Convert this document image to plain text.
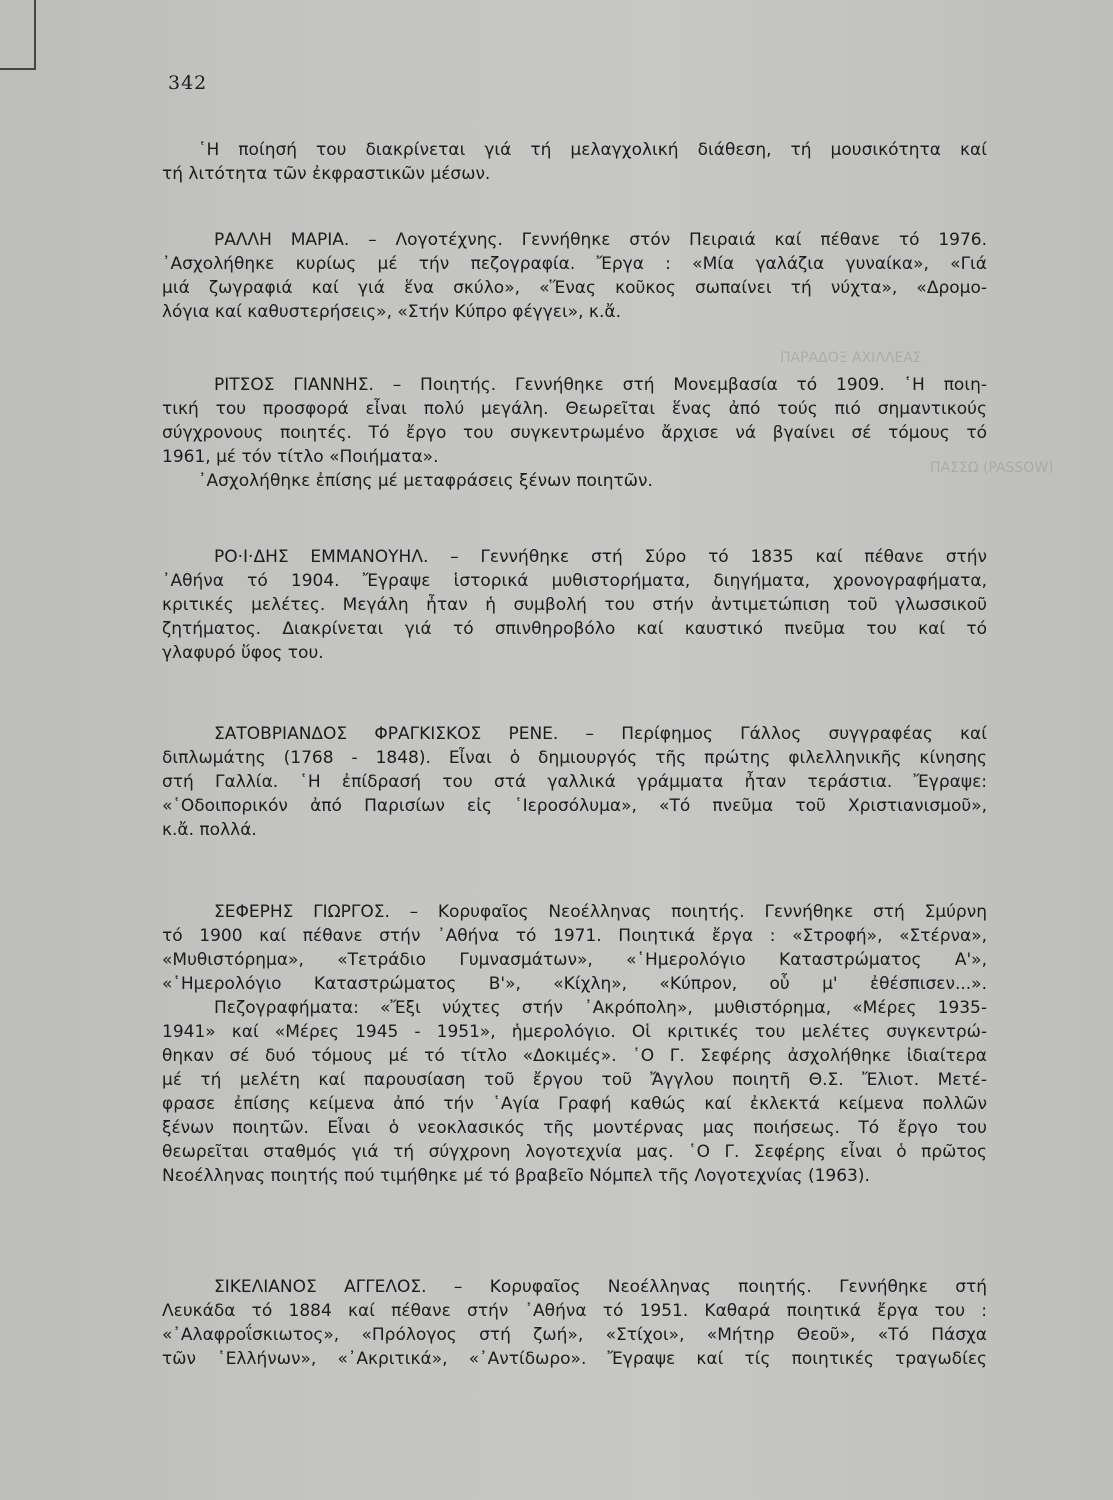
342
ΠΑΡΑΔΟΞ ΑΧΙΛΛΕΑΣ
ΠΑΣΣΩ (PASSOW)
῾Η ποίησή του διακρίνεται γιά τή μελαγχολική διάθεση, τή μουσικότητα καί
τή λιτότητα τῶν ἐκφραστικῶν μέσων.
ΡΑΛΛΗ ΜΑΡΙΑ. – Λογοτέχνης. Γεννήθηκε στόν Πειραιά καί πέθανε τό 1976.
᾿Ασχολήθηκε κυρίως μέ τήν πεζογραφία. Ἔργα : «Μία γαλάζια γυναίκα», «Γιά
μιά ζωγραφιά καί γιά ἕνα σκύλο», «Ἕνας κοῦκος σωπαίνει τή νύχτα», «Δρομο-
λόγια καί καθυστερήσεις», «Στήν Κύπρο φέγγει», κ.ἄ.
ΡΙΤΣΟΣ ΓΙΑΝΝΗΣ. – Ποιητής. Γεννήθηκε στή Μονεμβασία τό 1909. ῾Η ποιη-
τική του προσφορά εἶναι πολύ μεγάλη. Θεωρεῖται ἕνας ἀπό τούς πιό σημαντικούς
σύγχρονους ποιητές. Τό ἔργο του συγκεντρωμένο ἄρχισε νά βγαίνει σέ τόμους τό
1961, μέ τόν τίτλο «Ποιήματα».
᾿Ασχολήθηκε ἐπίσης μέ μεταφράσεις ξένων ποιητῶν.
ΡΟ·Ι·ΔΗΣ ΕΜΜΑΝΟΥΗΛ. – Γεννήθηκε στή Σύρο τό 1835 καί πέθανε στήν
᾿Αθήνα τό 1904. Ἔγραψε ἱστορικά μυθιστορήματα, διηγήματα, χρονογραφήματα,
κριτικές μελέτες. Μεγάλη ἦταν ἡ συμβολή του στήν ἀντιμετώπιση τοῦ γλωσσικοῦ
ζητήματος. Διακρίνεται γιά τό σπινθηροβόλο καί καυστικό πνεῦμα του καί τό
γλαφυρό ὕφος του.
ΣΑΤΟΒΡΙΑΝΔΟΣ ΦΡΑΓΚΙΣΚΟΣ ΡΕΝΕ. – Περίφημος Γάλλος συγγραφέας καί
διπλωμάτης (1768 - 1848). Εἶναι ὁ δημιουργός τῆς πρώτης φιλελληνικῆς κίνησης
στή Γαλλία. ῾Η ἐπίδρασή του στά γαλλικά γράμματα ἦταν τεράστια. Ἔγραψε:
«῾Οδοιπορικόν ἀπό Παρισίων εἰς ῾Ιεροσόλυμα», «Τό πνεῦμα τοῦ Χριστιανισμοῦ»,
κ.ἄ. πολλά.
ΣΕΦΕΡΗΣ ΓΙΩΡΓΟΣ. – Κορυφαῖος Νεοέλληνας ποιητής. Γεννήθηκε στή Σμύρνη
τό 1900 καί πέθανε στήν ᾿Αθήνα τό 1971. Ποιητικά ἔργα : «Στροφή», «Στέρνα»,
«Μυθιστόρημα», «Τετράδιο Γυμνασμάτων», «῾Ημερολόγιο Καταστρώματος Α'»,
«῾Ημερολόγιο Καταστρώματος Β'», «Κίχλη», «Κύπρον, οὗ μ' ἐθέσπισεν...».
Πεζογραφήματα: «Ἔξι νύχτες στήν ᾿Ακρόπολη», μυθιστόρημα, «Μέρες 1935-
1941» καί «Μέρες 1945 - 1951», ἡμερολόγιο. Οἱ κριτικές του μελέτες συγκεντρώ-
θηκαν σέ δυό τόμους μέ τό τίτλο «Δοκιμές». ῾Ο Γ. Σεφέρης ἀσχολήθηκε ἰδιαίτερα
μέ τή μελέτη καί παρουσίαση τοῦ ἔργου τοῦ Ἄγγλου ποιητῆ Θ.Σ. Ἔλιοτ. Μετέ-
φρασε ἐπίσης κείμενα ἀπό τήν ῾Αγία Γραφή καθώς καί ἐκλεκτά κείμενα πολλῶν
ξένων ποιητῶν. Εἶναι ὁ νεοκλασικός τῆς μοντέρνας μας ποιήσεως. Τό ἔργο του
θεωρεῖται σταθμός γιά τή σύγχρονη λογοτεχνία μας. ῾Ο Γ. Σεφέρης εἶναι ὁ πρῶτος
Νεοέλληνας ποιητής πού τιμήθηκε μέ τό βραβεῖο Νόμπελ τῆς Λογοτεχνίας (1963).
ΣΙΚΕΛΙΑΝΟΣ ΑΓΓΕΛΟΣ. – Κορυφαῖος Νεοέλληνας ποιητής. Γεννήθηκε στή
Λευκάδα τό 1884 καί πέθανε στήν ᾿Αθήνα τό 1951. Καθαρά ποιητικά ἔργα του :
«᾿Αλαφροΐσκιωτος», «Πρόλογος στή ζωή», «Στίχοι», «Μήτηρ Θεοῦ», «Τό Πάσχα
τῶν ῾Ελλήνων», «᾿Ακριτικά», «᾿Αντίδωρο». Ἔγραψε καί τίς ποιητικές τραγωδίες
